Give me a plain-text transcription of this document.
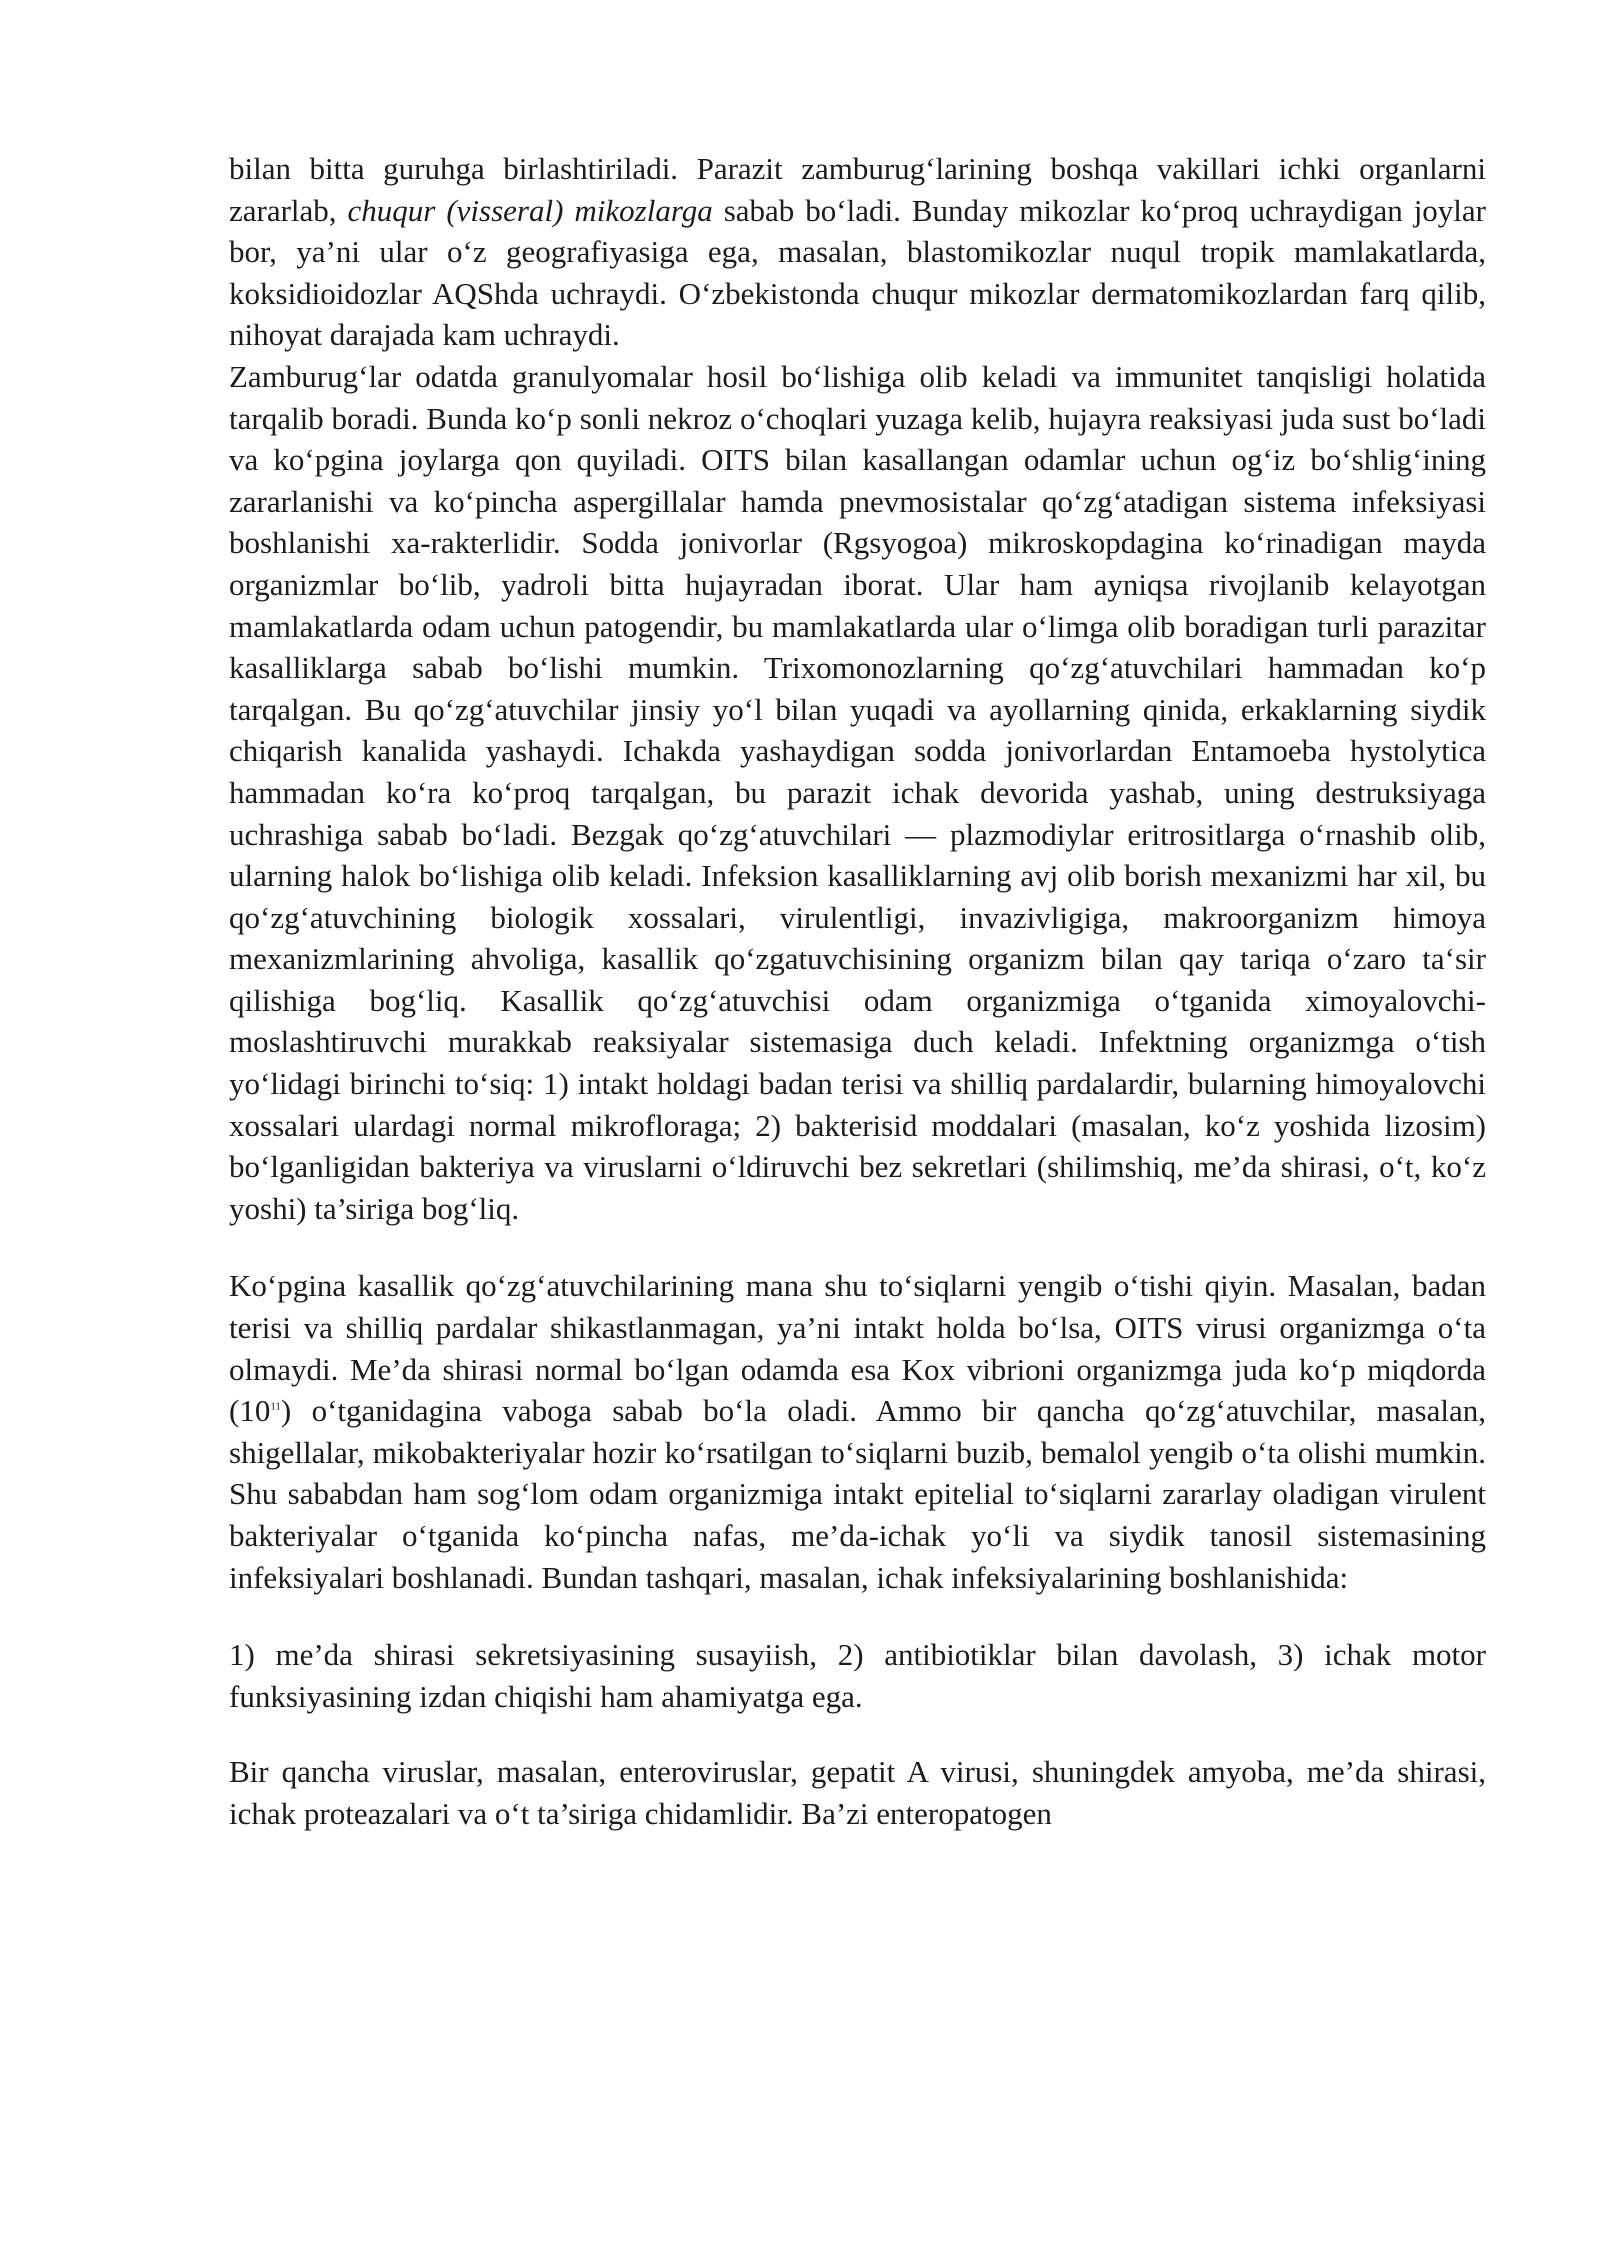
bilan bitta guruhga birlashtiriladi. Parazit zamburugʻlarining boshqa vakillari ichki organlarni zararlab, chuqur (visseral) mikozlarga sabab boʻladi. Bunday mikozlar koʻproq uchraydigan joylar bor, ya’ni ular oʻz geografiyasiga ega, masalan, blastomikozlar nuqul tropik mamlakatlarda, koksidioidozlar AQShda uchraydi. Oʻzbekistonda chuqur mikozlar dermatomikozlardan farq qilib, nihoyat darajada kam uchraydi.

Zamburugʻlar odatda granulyomalar hosil boʻlishiga olib keladi va immunitet tanqisligi holatida tarqalib boradi. Bunda koʻp sonli nekroz oʻchoqlari yuzaga kelib, hujayra reaksiyasi juda sust boʻladi va koʻpgina joylarga qon quyiladi. OITS bilan kasallangan odamlar uchun ogʻiz boʻshligʻining zararlanishi va koʻpincha aspergillalar hamda pnevmosistalar qoʻzgʻatadigan sistema infeksiyasi boshlanishi xa-rakterlidir. Sodda jonivorlar (Rgsyogoa) mikroskopdagina koʻrinadigan mayda organizmlar boʻlib, yadroli bitta hujayradan iborat. Ular ham ayniqsa rivojlanib kelayotgan mamlakatlarda odam uchun patogendir, bu mamlakatlarda ular oʻlimga olib boradigan turli parazitar kasalliklarga sabab boʻlishi mumkin. Trixomonozlarning qoʻzgʻatuvchilari hammadan koʻp tarqalgan. Bu qoʻzgʻatuvchilar jinsiy yoʻl bilan yuqadi va ayollarning qinida, erkaklarning siydik chiqarish kanalida yashaydi. Ichakda yashaydigan sodda jonivorlardan Entamoeba hystolytica hammadan koʻra koʻproq tarqalgan, bu parazit ichak devorida yashab, uning destruksiyaga uchrashiga sabab boʻladi. Bezgak qoʻzgʻatuvchilari — plazmodiylar eritrositlarga oʻrnashib olib, ularning halok boʻlishiga olib keladi. Infeksion kasalliklarning avj olib borish mexanizmi har xil, bu qoʻzgʻatuvchining biologik xossalari, virulentligi, invazivligiga, makroorganizm himoya mexanizmlarining ahvoliga, kasallik qoʻzgatuvchisining organizm bilan qay tariqa oʻzaro taʻsir qilishiga bogʻliq. Kasallik qoʻzgʻatuvchisi odam organizmiga oʻtganida ximoyalovchi-moslashtiruvchi murakkab reaksiyalar sistemasiga duch keladi. Infektning organizmga oʻtish yoʻlidagi birinchi toʻsiq: 1) intakt holdagi badan terisi va shilliq pardalardir, bularning himoyalovchi xossalari ulardagi normal mikrofloraga; 2) bakterisid moddalari (masalan, koʻz yoshida lizosim) boʻlganligidan bakteriya va viruslarni oʻldiruvchi bez sekretlari (shilimshiq, me’da shirasi, oʻt, koʻz yoshi) ta’siriga bogʻliq.

Koʻpgina kasallik qoʻzgʻatuvchilarining mana shu toʻsiqlarni yengib oʻtishi qiyin. Masalan, badan terisi va shilliq pardalar shikastlanmagan, ya’ni intakt holda boʻlsa, OITS virusi organizmga oʻta olmaydi. Me’da shirasi normal boʻlgan odamda esa Kox vibrioni organizmga juda koʻp miqdorda $(10^{11})$ oʻtganidagina vaboga sabab boʻla oladi. Ammo bir qancha qoʻzgʻatuvchilar, masalan, shigellalar, mikobakteriyalar hozir koʻrsatilgan toʻsiqlarni buzib, bemalol yengib oʻta olishi mumkin. Shu sababdan ham sogʻlom odam organizmiga intakt epitelial toʻsiqlarni zararlay oladigan virulent bakteriyalar oʻtganida koʻpincha nafas, me’da-ichak yoʻli va siydik tanosil sistemasining infeksiyalari boshlanadi. Bundan tashqari, masalan, ichak infeksiyalarining boshlanishida:

1) me’da shirasi sekretsiyasining susayiish, 2) antibiotiklar bilan davolash, 3) ichak motor funksiyasining izdan chiqishi ham ahamiyatga ega.

Bir qancha viruslar, masalan, enteroviruslar, gepatit A virusi, shuningdek amyoba, me’da shirasi, ichak proteazalari va oʻt ta’siriga chidamlidir. Ba’zi enteropatogen
